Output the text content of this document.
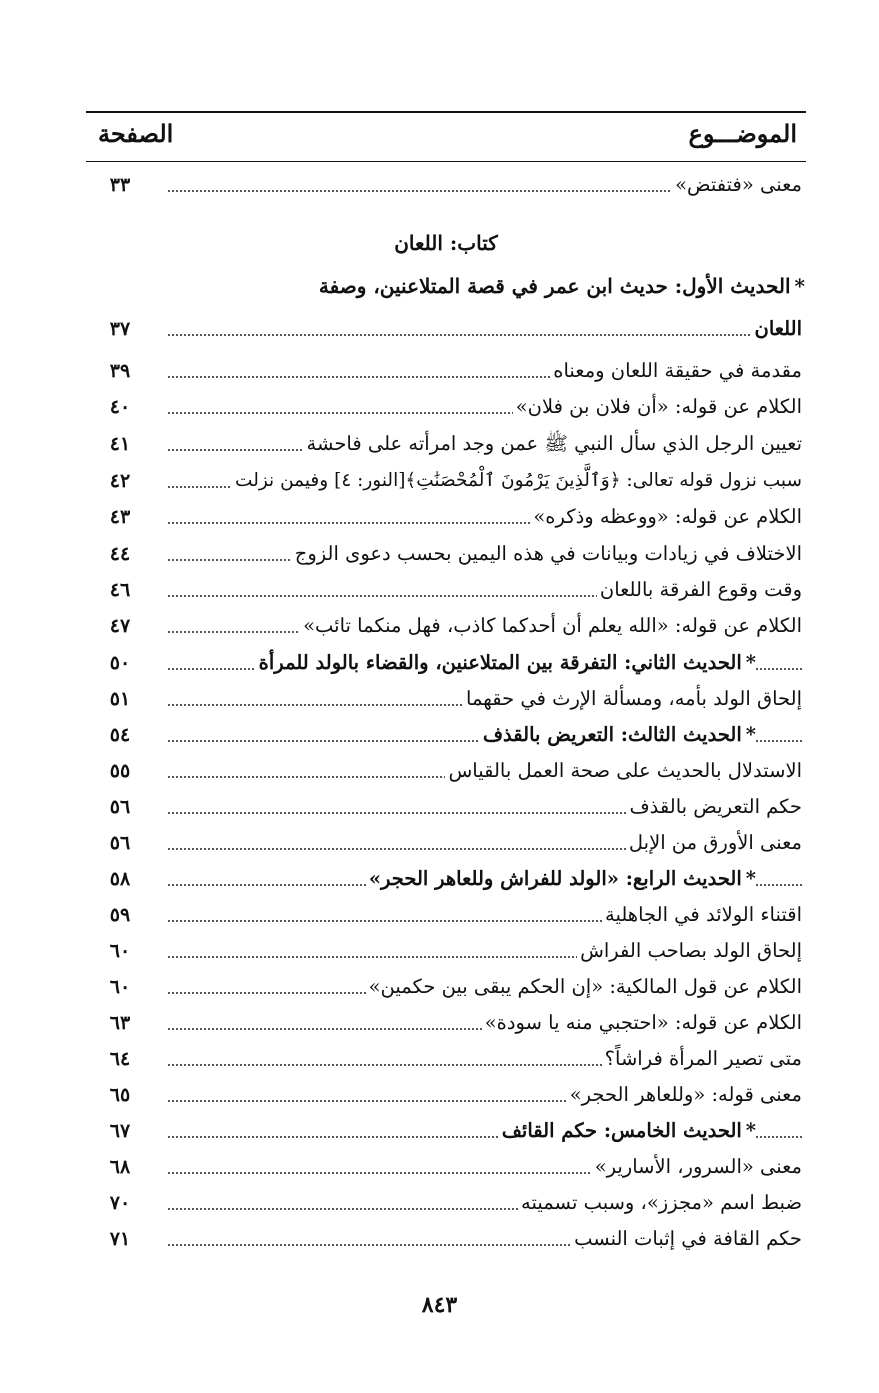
الموضـــوع
الصفحة
معنى «فتفتض»
٣٣
كتاب: اللعان
*الحديث الأول: حديث ابن عمر في قصة المتلاعنين، وصفة
اللعان
٣٧
مقدمة في حقيقة اللعان ومعناه
٣٩
الكلام عن قوله: «أن فلان بن فلان»
٤٠
تعيين الرجل الذي سأل النبي ﷺ عمن وجد امرأته على فاحشة
٤١
سبب نزول قوله تعالى: ﴿وَٱلَّذِينَ يَرْمُونَ ٱلْمُحْصَنَٰتِ﴾[النور: ٤] وفيمن نزلت
٤٢
الكلام عن قوله: «ووعظه وذكره»
٤٣
الاختلاف في زيادات وبيانات في هذه اليمين بحسب دعوى الزوج
٤٤
وقت وقوع الفرقة باللعان
٤٦
الكلام عن قوله: «الله يعلم أن أحدكما كاذب، فهل منكما تائب»
٤٧
*الحديث الثاني: التفرقة بين المتلاعنين، والقضاء بالولد للمرأة
٥٠
إلحاق الولد بأمه، ومسألة الإرث في حقهما
٥١
*الحديث الثالث: التعريض بالقذف
٥٤
الاستدلال بالحديث على صحة العمل بالقياس
٥٥
حكم التعريض بالقذف
٥٦
معنى الأورق من الإبل
٥٦
*الحديث الرابع: «الولد للفراش وللعاهر الحجر»
٥٨
اقتناء الولائد في الجاهلية
٥٩
إلحاق الولد بصاحب الفراش
٦٠
الكلام عن قول المالكية: «إن الحكم يبقى بين حكمين»
٦٠
الكلام عن قوله: «احتجبي منه يا سودة»
٦٣
متى تصير المرأة فراشاً؟
٦٤
معنى قوله: «وللعاهر الحجر»
٦٥
*الحديث الخامس: حكم القائف
٦٧
معنى «السرور، الأسارير»
٦٨
ضبط اسم «مجزز»، وسبب تسميته
٧٠
حكم القافة في إثبات النسب
٧١
٨٤٣
